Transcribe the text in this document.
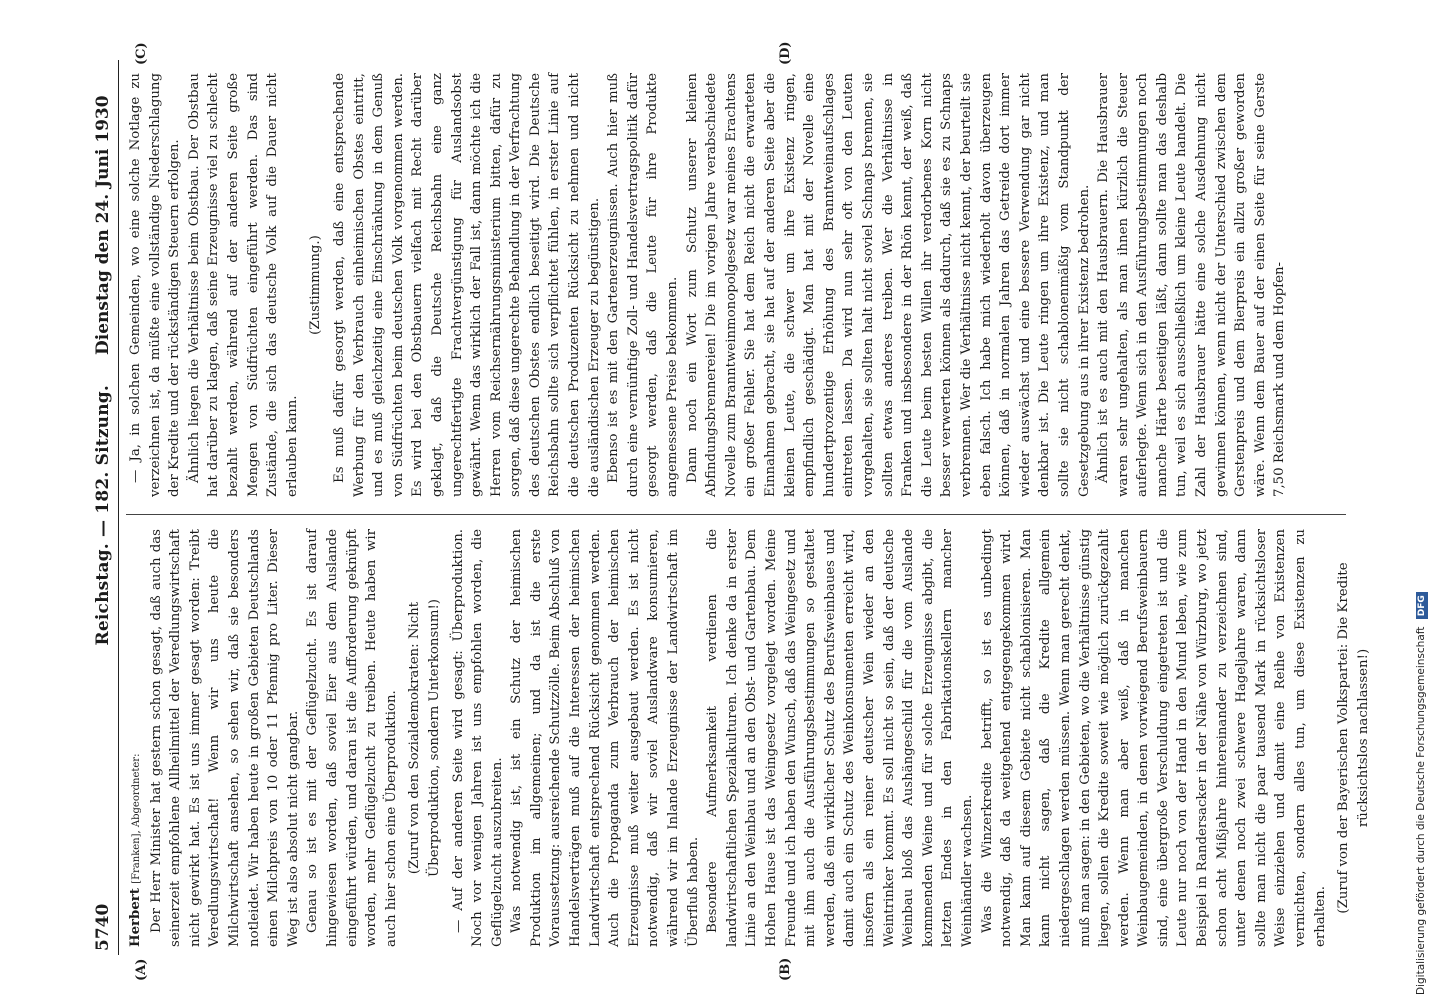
5740
Reichstag. — 182. Sitzung.
Dienstag den 24. Juni 1930
(A)	(B)
(C)	(D)

Herbert [Franken], Abgeordneter: Der Herr Minister hat gestern schon gesagt, daß auch das seinerzeit empfohlene Allheilmittel der Veredlungswirtschaft nicht gewirkt hat. Es ist uns immer gesagt worden: Treibt Veredlungswirtschaft! Wenn wir uns heute die Milchwirtschaft ansehen, so sehen wir, daß sie besonders notleidet. Wir haben heute in großen Gebieten Deutschlands einen Milchpreis von 10 oder 11 Pfennig pro Liter. Dieser Weg ist also absolut nicht gangbar. Genau so ist es mit der Geflügelzucht. Es ist darauf hingewiesen worden, daß soviel Eier aus dem Auslande eingeführt würden, und daran ist die Aufforderung geknüpft worden, mehr Geflügelzucht zu treiben. Heute haben wir auch hier schon eine Überproduktion. (Zuruf von den Sozialdemokraten: Nicht Überproduktion, sondern Unterkonsum!) — Auf der anderen Seite wird gesagt: Überproduktion. Noch vor wenigen Jahren ist uns empfohlen worden, die Geflügelzucht auszubreiten. Was notwendig ist, ist ein Schutz der heimischen Produktion im allgemeinen; und da ist die erste Voraussetzung: ausreichende Schutzzölle. Beim Abschluß von Handelsverträgen muß auf die Interessen der heimischen Landwirtschaft entsprechend Rücksicht genommen werden. Auch die Propaganda zum Verbrauch der heimischen Erzeugnisse muß weiter ausgebaut werden. Es ist nicht notwendig, daß wir soviel Auslandware konsumieren, während wir im Inlande Erzeugnisse der Landwirtschaft im Überfluß haben. Besondere Aufmerksamkeit verdienen die landwirtschaftlichen Spezialkulturen. Ich denke da in erster Linie an den Weinbau und an den Obst- und Gartenbau. Dem Hohen Hause ist das Weingesetz vorgelegt worden. Meine Freunde und ich haben den Wunsch, daß das Weingesetz und mit ihm auch die Ausführungsbestimmungen so gestaltet werden, daß ein wirklicher Schutz des Berufsweinbaues und damit auch ein Schutz des Weinkonsumenten erreicht wird, insofern als ein reiner deutscher Wein wieder an den Weintrinker kommt. Es soll nicht so sein, daß der deutsche Weinbau bloß das Aushängeschild für die vom Auslande kommenden Weine und für solche Erzeugnisse abgibt, die letzten Endes in den Fabrikationskellern mancher Weinhändler wachsen. Was die Winzerkredite betrifft, so ist es unbedingt notwendig, daß da weitgehend entgegengekommen wird. Man kann auf diesem Gebiete nicht schablonisieren. Man kann nicht sagen, daß die Kredite allgemein niedergeschlagen werden müssen. Wenn man gerecht denkt, muß man sagen: in den Gebieten, wo die Verhältnisse günstig liegen, sollen die Kredite soweit wie möglich zurückgezahlt werden. Wenn man aber weiß, daß in manchen Weinbaugemeinden, in denen vorwiegend Berufsweinbauern sind, eine übergroße Verschuldung eingetreten ist und die Leute nur noch von der Hand in den Mund leben, wie zum Beispiel in Randersacker in der Nähe von Würzburg, wo jetzt schon acht Mißjahre hintereinander zu verzeichnen sind, unter denen noch zwei schwere Hageljahre waren, dann sollte man nicht die paar tausend Mark in rücksichtsloser Weise einziehen und damit eine Reihe von Existenzen vernichten, sondern alles tun, um diese Existenzen zu erhalten.

(Zuruf von der Bayerischen Volkspartei: Die Kredite rücksichtslos nachlassen!)

— Ja, in solchen Gemeinden, wo eine solche Notlage zu verzeichnen ist, da müßte eine vollständige Niederschlagung der Kredite und der rückständigen Steuern erfolgen. Ähnlich liegen die Verhältnisse beim Obstbau. Der Obstbau hat darüber zu klagen, daß seine Erzeugnisse viel zu schlecht bezahlt werden, während auf der anderen Seite große Mengen von Südfrüchten eingeführt werden. Das sind Zustände, die sich das deutsche Volk auf die Dauer nicht erlauben kann.

(Zustimmung.) Es muß dafür gesorgt werden, daß eine entsprechende Werbung für den Verbrauch einheimischen Obstes eintritt, und es muß gleichzeitig eine Einschränkung in dem Genuß von Südfrüchten beim deutschen Volk vorgenommen werden. Es wird bei den Obstbauern vielfach mit Recht darüber geklagt, daß die Deutsche Reichsbahn eine ganz ungerechtfertigte Frachtvergünstigung für Auslandsobst gewährt. Wenn das wirklich der Fall ist, dann möchte ich die Herren vom Reichsernährungsministerium bitten, dafür zu sorgen, daß diese ungerechte Behandlung in der Verfrachtung des deutschen Obstes endlich beseitigt wird. Die Deutsche Reichsbahn sollte sich verpflichtet fühlen, in erster Linie auf die deutschen Produzenten Rücksicht zu nehmen und nicht die ausländischen Erzeuger zu begünstigen. Ebenso ist es mit den Gartenerzeugnissen. Auch hier muß durch eine vernünftige Zoll- und Handelsvertragspolitik dafür gesorgt werden, daß die Leute für ihre Produkte angemessene Preise bekommen. Dann noch ein Wort zum Schutz unserer kleinen Abfindungsbrennereien! Die im vorigen Jahre verabschiedete Novelle zum Branntweinmonopolgesetz war meines Erachtens ein großer Fehler. Sie hat dem Reich nicht die erwarteten Einnahmen gebracht, sie hat auf der anderen Seite aber die kleinen Leute, die schwer um ihre Existenz ringen, empfindlich geschädigt. Man hat mit der Novelle eine hundertprozentige Erhöhung des Branntweinaufschlages eintreten lassen. Da wird nun sehr oft von den Leuten vorgehalten, sie sollten halt nicht soviel Schnaps brennen, sie sollten etwas anderes treiben. Wer die Verhältnisse in Franken und insbesondere in der Rhön kennt, der weiß, daß die Leute beim besten Willen ihr verdorbenes Korn nicht besser verwerten können als dadurch, daß sie es zu Schnaps verbrennen. Wer die Verhältnisse nicht kennt, der beurteilt sie eben falsch. Ich habe mich wiederholt davon überzeugen können, daß in normalen Jahren das Getreide dort immer wieder auswächst und eine bessere Verwendung gar nicht denkbar ist. Die Leute ringen um ihre Existenz, und man sollte sie nicht schablonenmäßig vom Standpunkt der Gesetzgebung aus in ihrer Existenz bedrohen. Ähnlich ist es auch mit den Hausbrauern. Die Hausbrauer waren sehr ungehalten, als man ihnen kürzlich die Steuer auferlegte. Wenn sich in den Ausführungsbestimmungen noch manche Härte beseitigen läßt, dann sollte man das deshalb tun, weil es sich ausschließlich um kleine Leute handelt. Die Zahl der Hausbrauer hätte eine solche Ausdehnung nicht gewinnen können, wenn nicht der Unterschied zwischen dem Gerstenpreis und dem Bierpreis ein allzu großer geworden wäre. Wenn dem Bauer auf der einen Seite für seine Gerste 7,50 Reichsmark und dem Hopfen-

Digitalisierung gefördert durch die Deutsche Forschungsgemeinschaft DFG
